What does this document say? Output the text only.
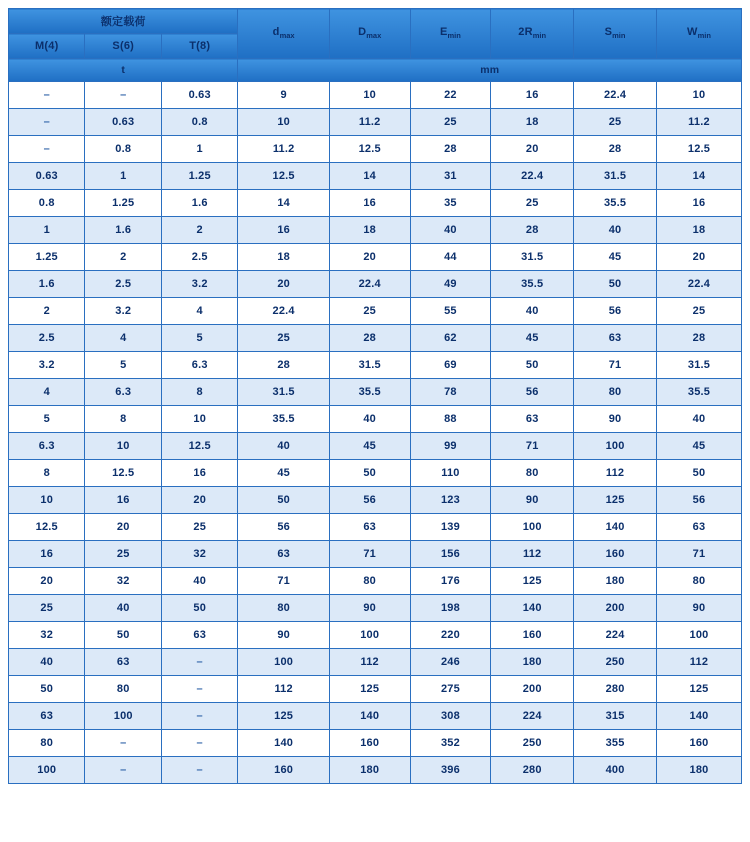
额定载荷			$d_{max}$	$D_{max}$	$E_{min}$	$2R_{min}$	$S_{min}$	$W_{min}$
M(4)	S(6)	T(8)						
t			mm					
–	–	0.63	9	10	22	16	22.4	10
–	0.63	0.8	10	11.2	25	18	25	11.2
–	0.8	1	11.2	12.5	28	20	28	12.5
0.63	1	1.25	12.5	14	31	22.4	31.5	14
0.8	1.25	1.6	14	16	35	25	35.5	16
1	1.6	2	16	18	40	28	40	18
1.25	2	2.5	18	20	44	31.5	45	20
1.6	2.5	3.2	20	22.4	49	35.5	50	22.4
2	3.2	4	22.4	25	55	40	56	25
2.5	4	5	25	28	62	45	63	28
3.2	5	6.3	28	31.5	69	50	71	31.5
4	6.3	8	31.5	35.5	78	56	80	35.5
5	8	10	35.5	40	88	63	90	40
6.3	10	12.5	40	45	99	71	100	45
8	12.5	16	45	50	110	80	112	50
10	16	20	50	56	123	90	125	56
12.5	20	25	56	63	139	100	140	63
16	25	32	63	71	156	112	160	71
20	32	40	71	80	176	125	180	80
25	40	50	80	90	198	140	200	90
32	50	63	90	100	220	160	224	100
40	63	–	100	112	246	180	250	112
50	80	–	112	125	275	200	280	125
63	100	–	125	140	308	224	315	140
80	–	–	140	160	352	250	355	160
100	–	–	160	180	396	280	400	180
